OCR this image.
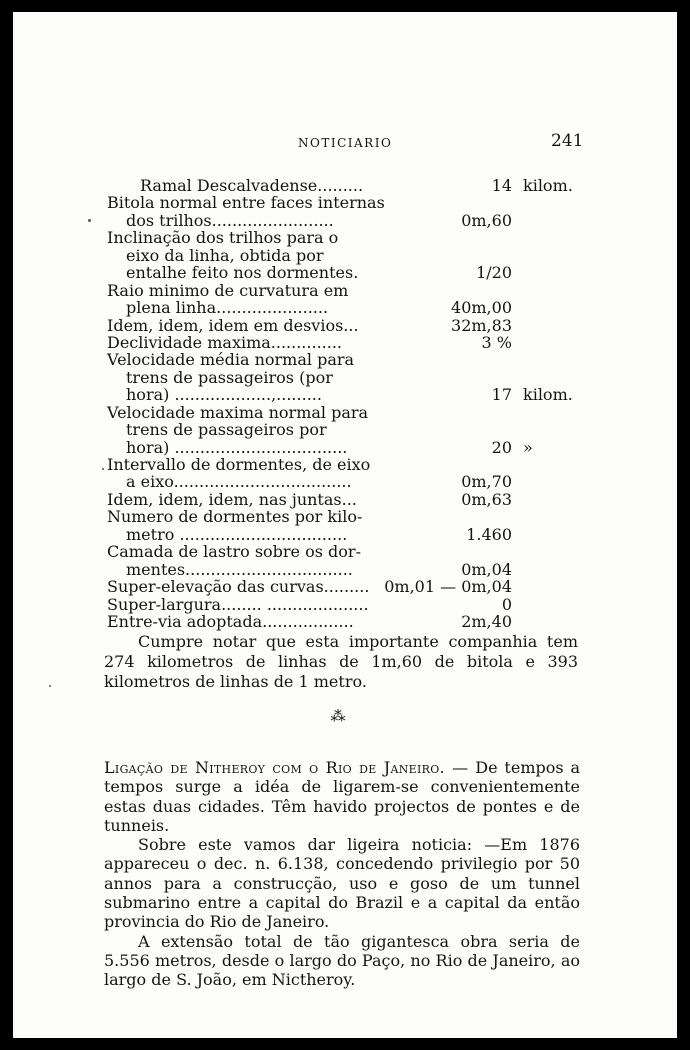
NOTICIARIO	241
Ramal Descalvadense.........	14 kilom.
Bitola normal entre faces internas
dos trilhos........................	0m,60
Inclinação dos trilhos para o
eixo da linha, obtida por
entalhe feito nos dormentes.	1/20
Raio minimo de curvatura em
plena linha......................	40m,00
Idem, idem, idem em desvios...	32m,83
Declividade maxima..............	3 %
Velocidade média normal para
trens de passageiros (por
hora) ...................,.........	17 kilom.
Velocidade maxima normal para
trens de passageiros por
hora) ..................................	20 »
Intervallo de dormentes, de eixo
a eixo...................................	0m,70
Idem, idem, idem, nas juntas...	0m,63
Numero de dormentes por kilo-
metro .................................	1.460
Camada de lastro sobre os dor-
mentes.................................	0m,04
Super-elevação das curvas......... 0m,01 — 0m,04
Super-largura........ ....................	0
Entre-via adoptada..................	2m,40

Cumpre notar que esta importante companhia tem 274 kilometros de linhas de 1m,60 de bitola e 393 kilometros de linhas de 1 metro.

⁂

Ligação de Nitheroy com o Rio de Janeiro. — De tempos a tempos surge a idéa de ligarem-se convenientemente estas duas cidades. Têm havido projectos de pontes e de tunneis.

Sobre este vamos dar ligeira noticia: —Em 1876 appareceu o dec. n. 6.138, concedendo privilegio por 50 annos para a construcção, uso e goso de um tunnel submarino entre a capital do Brazil e a capital da então provincia do Rio de Janeiro.

A extensão total de tão gigantesca obra seria de 5.556 metros, desde o largo do Paço, no Rio de Janeiro, ao largo de S. João, em Nictheroy.
